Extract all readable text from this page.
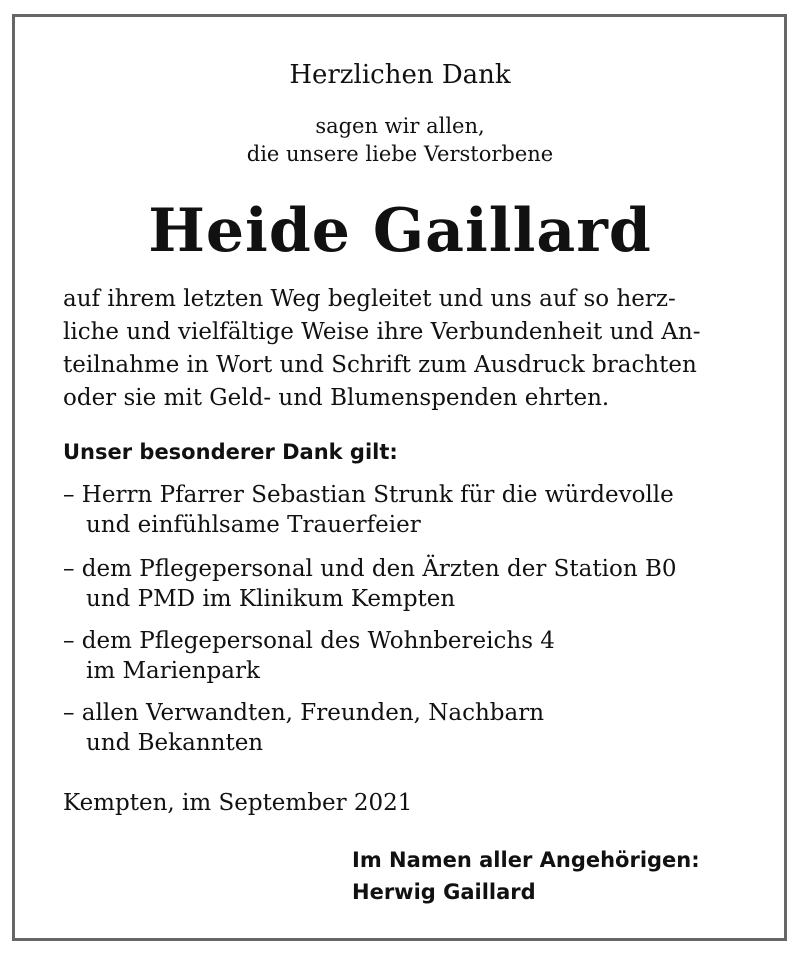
Herzlichen Dank
sagen wir allen,
die unsere liebe Verstorbene
Heide Gaillard
auf ihrem letzten Weg begleitet und uns auf so herz-
liche und vielfältige Weise ihre Verbundenheit und An-
teilnahme in Wort und Schrift zum Ausdruck brachten
oder sie mit Geld- und Blumenspenden ehrten.
Unser besonderer Dank gilt:
– Herrn Pfarrer Sebastian Strunk für die würdevolle
und einfühlsame Trauerfeier
– dem Pflegepersonal und den Ärzten der Station B0
und PMD im Klinikum Kempten
– dem Pflegepersonal des Wohnbereichs 4
im Marienpark
– allen Verwandten, Freunden, Nachbarn
und Bekannten
Kempten, im September 2021
Im Namen aller Angehörigen:
Herwig Gaillard
